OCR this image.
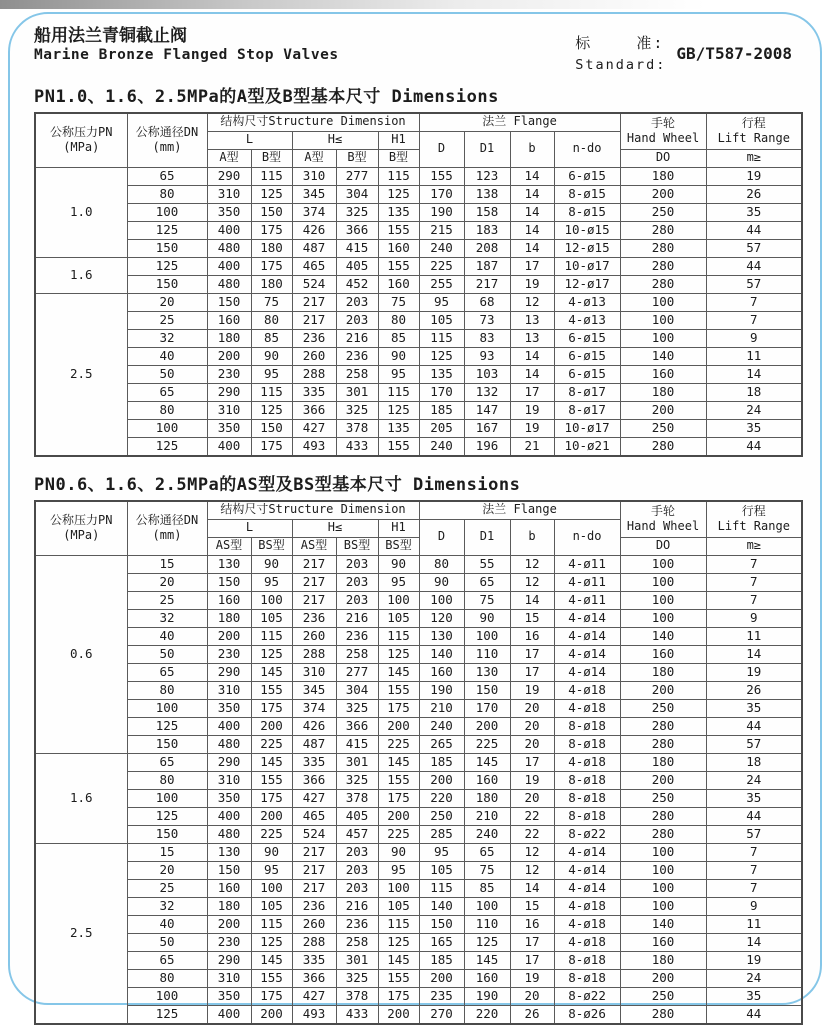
船用法兰青铜截止阀
Marine Bronze Flanged Stop Valves
标    准:
Standard:
GB/T587-2008
PN1.0、1.6、2.5MPa的A型及B型基本尺寸 Dimensions
公称压力PN
(MPa)

公称通径DN
(mm)
	结构尺寸Structure Dimension	法兰 Flange	手轮
Hand Wheel

行程
Lift Range

		L		H≤		H1	D	D1	b	n-do		
		A型	B型	A型	B型	B型					DO	m≥
1.0	65	290	115	310	277	115	155	123	14	6-ø15	180	19
	80	310	125	345	304	125	170	138	14	8-ø15	200	26
	100	350	150	374	325	135	190	158	14	8-ø15	250	35
	125	400	175	426	366	155	215	183	14	10-ø15	280	44
	150	480	180	487	415	160	240	208	14	12-ø15	280	57
1.6	125	400	175	465	405	155	225	187	17	10-ø17	280	44
	150	480	180	524	452	160	255	217	19	12-ø17	280	57
2.5	20	150	75	217	203	75	95	68	12	4-ø13	100	7
	25	160	80	217	203	80	105	73	13	4-ø13	100	7
	32	180	85	236	216	85	115	83	13	6-ø15	100	9
	40	200	90	260	236	90	125	93	14	6-ø15	140	11
	50	230	95	288	258	95	135	103	14	6-ø15	160	14
	65	290	115	335	301	115	170	132	17	8-ø17	180	18
	80	310	125	366	325	125	185	147	19	8-ø17	200	24
	100	350	150	427	378	135	205	167	19	10-ø17	250	35
	125	400	175	493	433	155	240	196	21	10-ø21	280	44
PN0.6、1.6、2.5MPa的AS型及BS型基本尺寸 Dimensions
公称压力PN
(MPa)

公称通径DN
(mm)
	结构尺寸Structure Dimension	法兰 Flange	手轮
Hand Wheel

行程
Lift Range

		L		H≤		H1	D	D1	b	n-do		
		AS型	BS型	AS型	BS型	BS型					DO	m≥
0.6	15	130	90	217	203	90	80	55	12	4-ø11	100	7
	20	150	95	217	203	95	90	65	12	4-ø11	100	7
	25	160	100	217	203	100	100	75	14	4-ø11	100	7
	32	180	105	236	216	105	120	90	15	4-ø14	100	9
	40	200	115	260	236	115	130	100	16	4-ø14	140	11
	50	230	125	288	258	125	140	110	17	4-ø14	160	14
	65	290	145	310	277	145	160	130	17	4-ø14	180	19
	80	310	155	345	304	155	190	150	19	4-ø18	200	26
	100	350	175	374	325	175	210	170	20	4-ø18	250	35
	125	400	200	426	366	200	240	200	20	8-ø18	280	44
	150	480	225	487	415	225	265	225	20	8-ø18	280	57
1.6	65	290	145	335	301	145	185	145	17	4-ø18	180	18
	80	310	155	366	325	155	200	160	19	8-ø18	200	24
	100	350	175	427	378	175	220	180	20	8-ø18	250	35
	125	400	200	465	405	200	250	210	22	8-ø18	280	44
	150	480	225	524	457	225	285	240	22	8-ø22	280	57
2.5	15	130	90	217	203	90	95	65	12	4-ø14	100	7
	20	150	95	217	203	95	105	75	12	4-ø14	100	7
	25	160	100	217	203	100	115	85	14	4-ø14	100	7
	32	180	105	236	216	105	140	100	15	4-ø18	100	9
	40	200	115	260	236	115	150	110	16	4-ø18	140	11
	50	230	125	288	258	125	165	125	17	4-ø18	160	14
	65	290	145	335	301	145	185	145	17	8-ø18	180	19
	80	310	155	366	325	155	200	160	19	8-ø18	200	24
	100	350	175	427	378	175	235	190	20	8-ø22	250	35
	125	400	200	493	433	200	270	220	26	8-ø26	280	44
